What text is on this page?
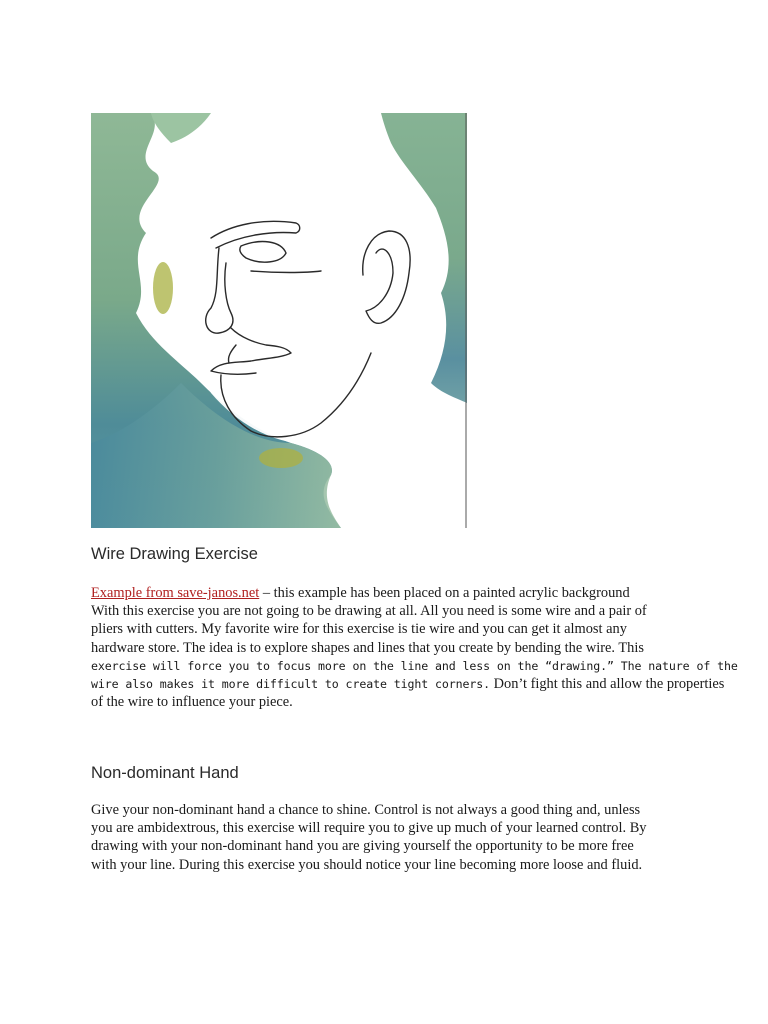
Wire Drawing Exercise

Example from save-janos.net – this example has been placed on a painted acrylic background
With this exercise you are not going to be drawing at all. All you need is some wire and a pair of
pliers with cutters. My favorite wire for this exercise is tie wire and you can get it almost any
hardware store. The idea is to explore shapes and lines that you create by bending the wire. This
exercise will force you to focus more on the line and less on the “drawing.” The nature of the
wire also makes it more difficult to create tight corners. Don’t fight this and allow the properties
of the wire to influence your piece.

Non-dominant Hand

Give your non-dominant hand a chance to shine. Control is not always a good thing and, unless
you are ambidextrous, this exercise will require you to give up much of your learned control. By
drawing with your non-dominant hand you are giving yourself the opportunity to be more free
with your line. During this exercise you should notice your line becoming more loose and fluid.
